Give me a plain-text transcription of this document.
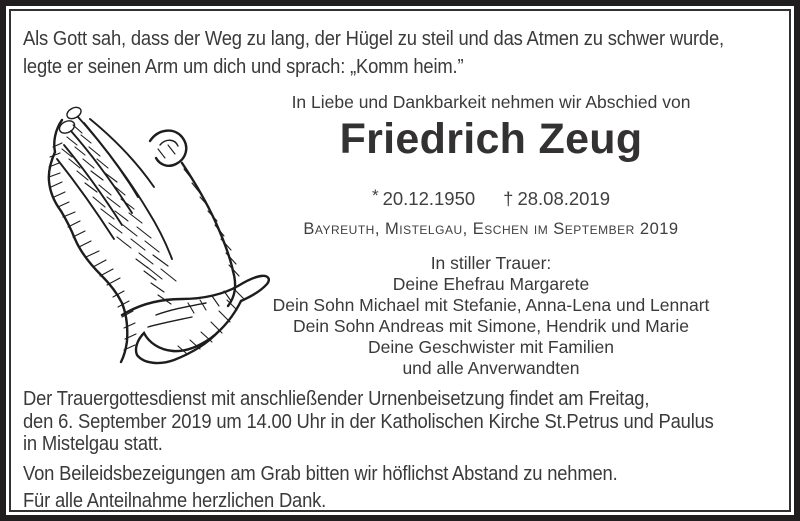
Als Gott sah, dass der Weg zu lang, der Hügel zu steil und das Atmen zu schwer wurde,
legte er seinen Arm um dich und sprach: „Komm heim.”
In Liebe und Dankbarkeit nehmen wir Abschied von
Friedrich Zeug
* 20.12.1950 † 28.08.2019
Bayreuth, Mistelgau, Eschen im September 2019
In stiller Trauer:
Deine Ehefrau Margarete
Dein Sohn Michael mit Stefanie, Anna-Lena und Lennart
Dein Sohn Andreas mit Simone, Hendrik und Marie
Deine Geschwister mit Familien
und alle Anverwandten
Der Trauergottesdienst mit anschließender Urnenbeisetzung findet am Freitag,
den 6. September 2019 um 14.00 Uhr in der Katholischen Kirche St.Petrus und Paulus
in Mistelgau statt.
Von Beileidsbezeigungen am Grab bitten wir höflichst Abstand zu nehmen.
Für alle Anteilnahme herzlichen Dank.
